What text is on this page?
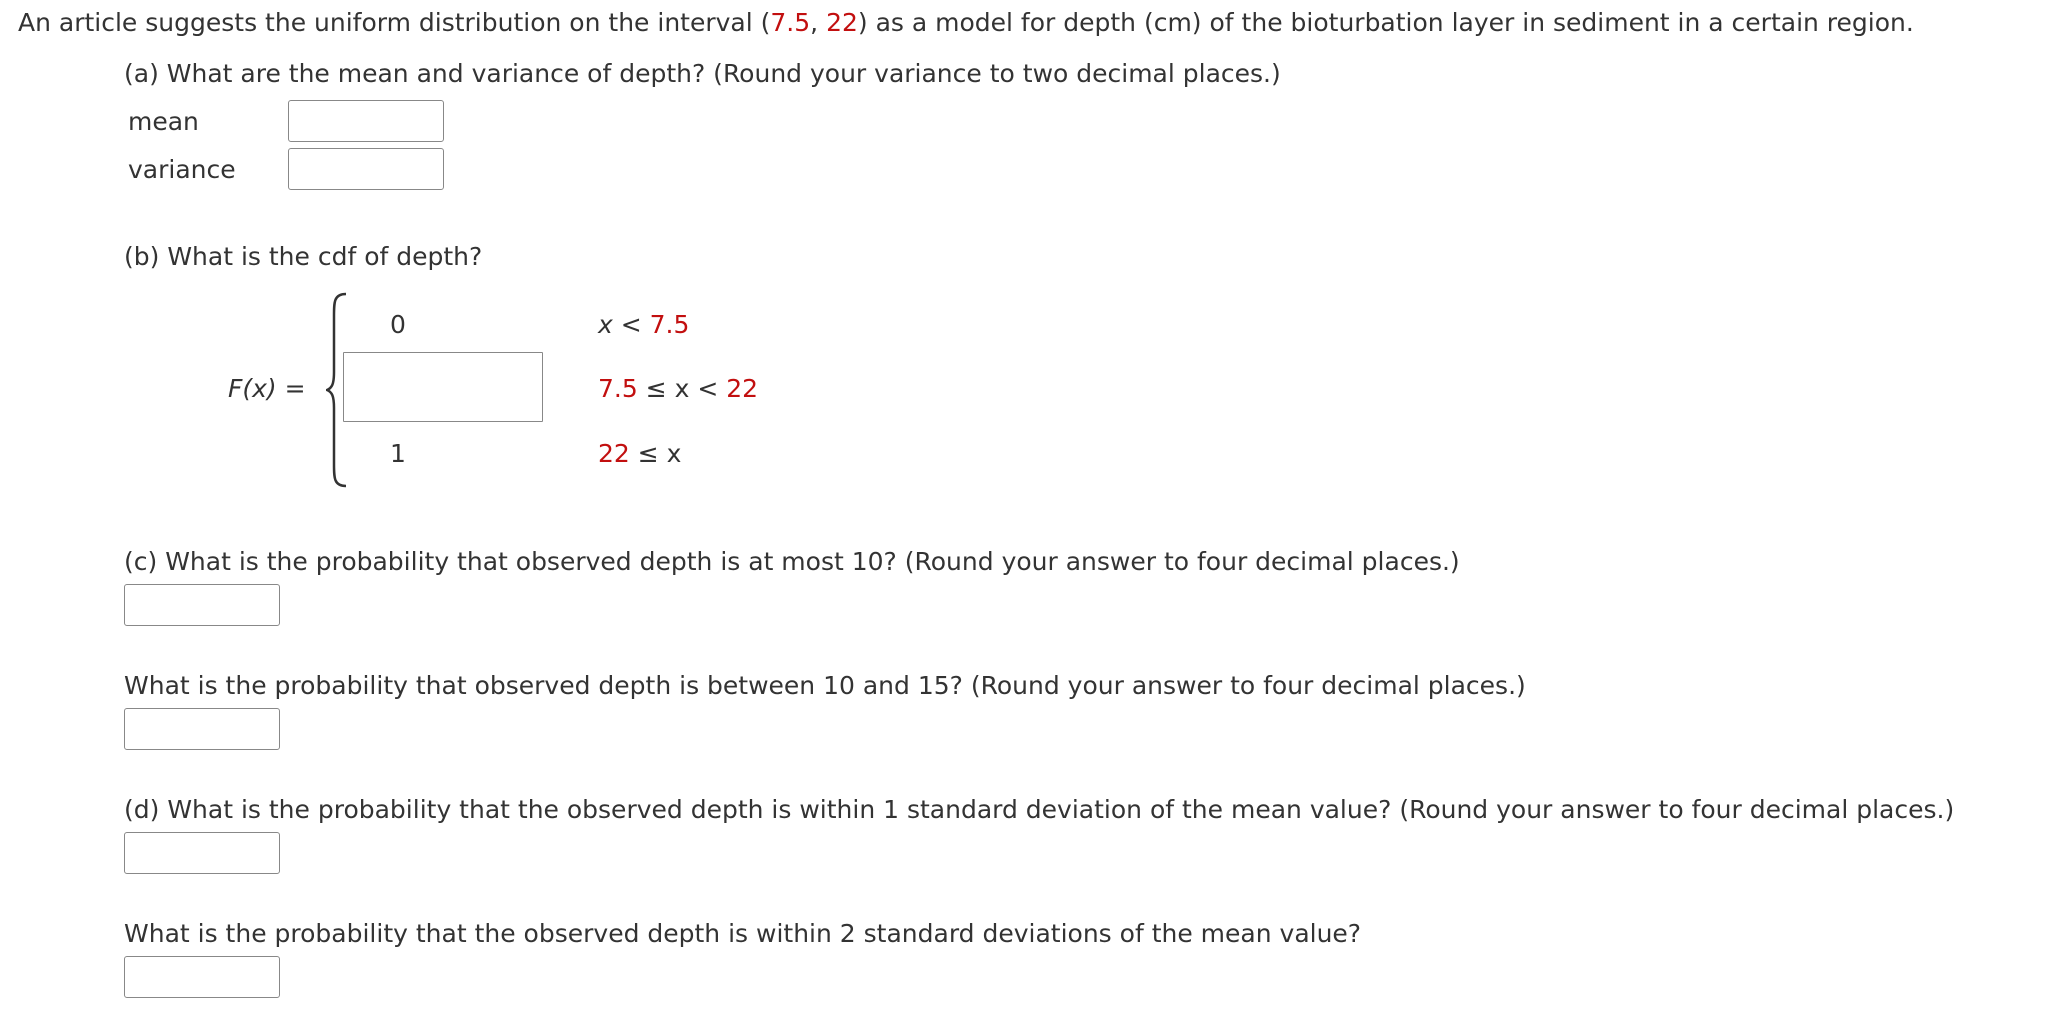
An article suggests the uniform distribution on the interval (7.5, 22) as a model for depth (cm) of the bioturbation layer in sediment in a certain region.
(a) What are the mean and variance of depth? (Round your variance to two decimal places.)
mean
variance
(b) What is the cdf of depth?
F(x) =
0	x < 7.5
7.5 ≤ x < 22
1	22 ≤ x
(c) What is the probability that observed depth is at most 10? (Round your answer to four decimal places.)
What is the probability that observed depth is between 10 and 15? (Round your answer to four decimal places.)
(d) What is the probability that the observed depth is within 1 standard deviation of the mean value? (Round your answer to four decimal places.)
What is the probability that the observed depth is within 2 standard deviations of the mean value?
